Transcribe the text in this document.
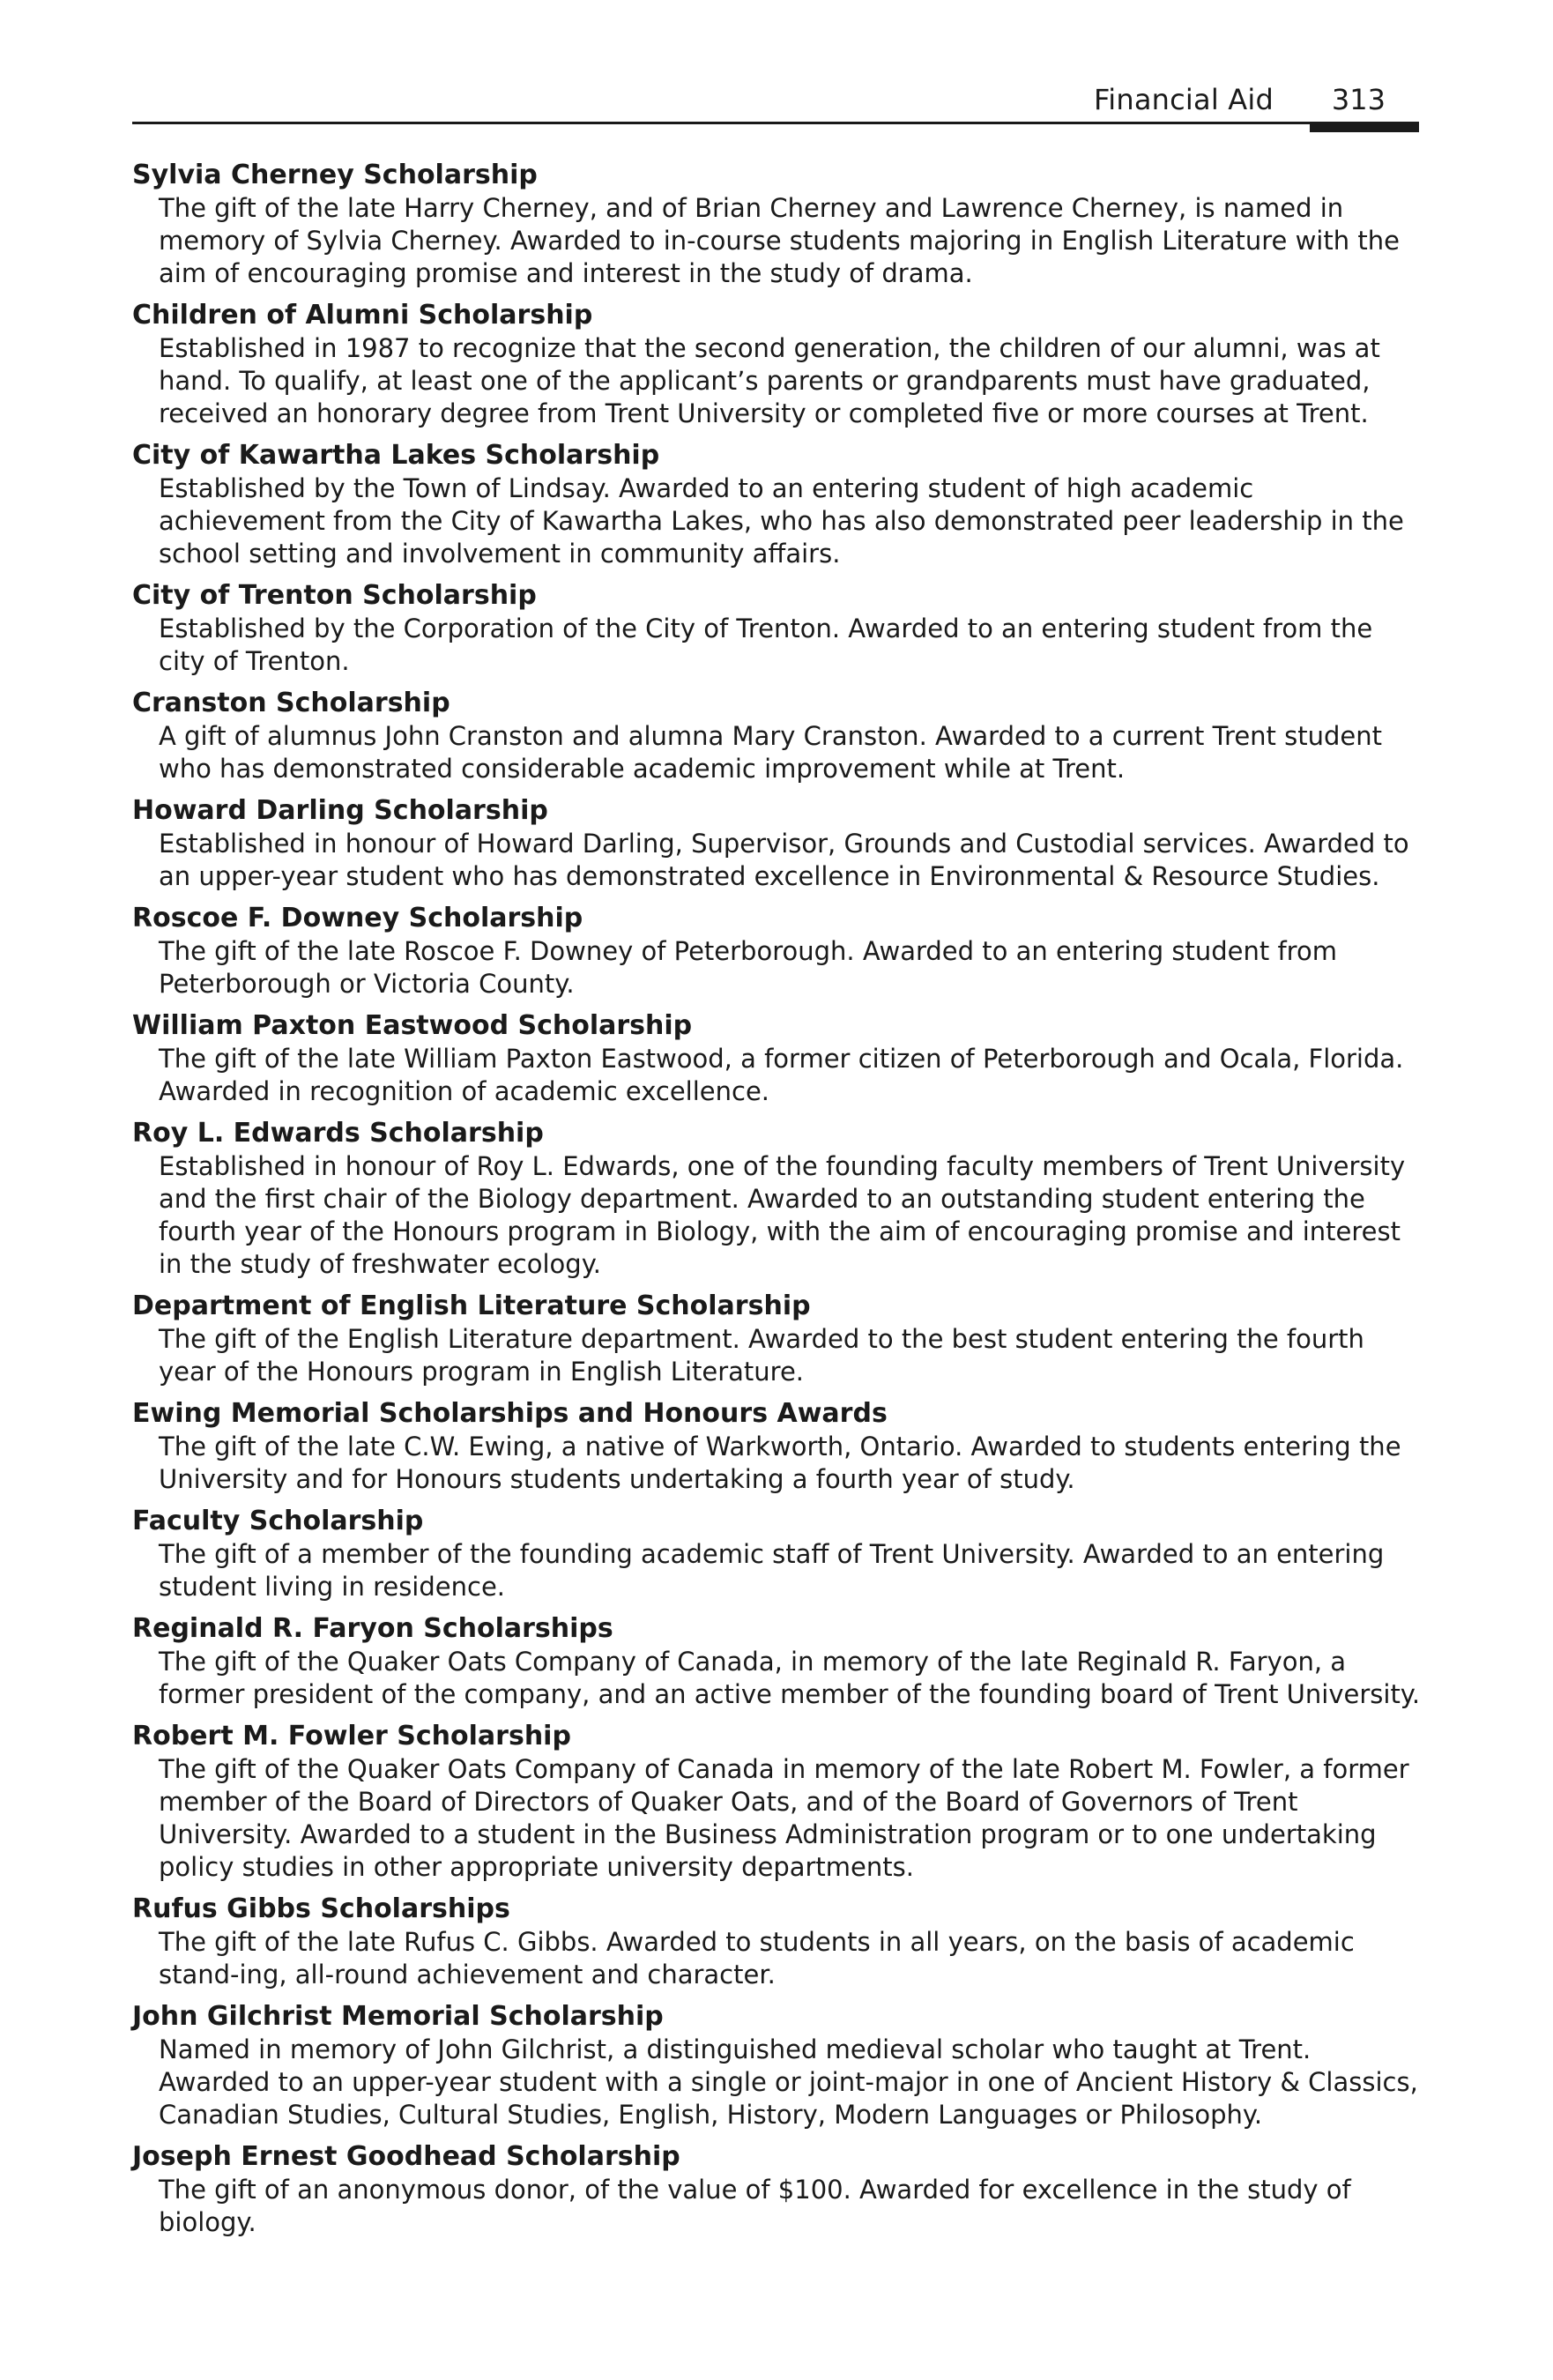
Financial Aid 313
Sylvia Cherney Scholarship
The gift of the late Harry Cherney, and of Brian Cherney and Lawrence Cherney, is named in memory of Sylvia Cherney. Awarded to in-course students majoring in English Literature with the aim of encouraging promise and interest in the study of drama.
Children of Alumni Scholarship
Established in 1987 to recognize that the second generation, the children of our alumni, was at hand. To qualify, at least one of the applicant’s parents or grandparents must have graduated, received an honorary degree from Trent University or completed five or more courses at Trent.
City of Kawartha Lakes Scholarship
Established by the Town of Lindsay. Awarded to an entering student of high academic achievement from the City of Kawartha Lakes, who has also demonstrated peer leadership in the school setting and involvement in community affairs.
City of Trenton Scholarship
Established by the Corporation of the City of Trenton. Awarded to an entering student from the city of Trenton.
Cranston Scholarship
A gift of alumnus John Cranston and alumna Mary Cranston. Awarded to a current Trent student who has demonstrated considerable academic improvement while at Trent.
Howard Darling Scholarship
Established in honour of Howard Darling, Supervisor, Grounds and Custodial services. Awarded to an upper-year student who has demonstrated excellence in Environmental & Resource Studies.
Roscoe F. Downey Scholarship
The gift of the late Roscoe F. Downey of Peterborough. Awarded to an entering student from Peterborough or Victoria County.
William Paxton Eastwood Scholarship
The gift of the late William Paxton Eastwood, a former citizen of Peterborough and Ocala, Florida. Awarded in recognition of academic excellence.
Roy L. Edwards Scholarship
Established in honour of Roy L. Edwards, one of the founding faculty members of Trent University and the first chair of the Biology department. Awarded to an outstanding student entering the fourth year of the Honours program in Biology, with the aim of encouraging promise and interest in the study of freshwater ecology.
Department of English Literature Scholarship
The gift of the English Literature department. Awarded to the best student entering the fourth year of the Honours program in English Literature.
Ewing Memorial Scholarships and Honours Awards
The gift of the late C.W. Ewing, a native of Warkworth, Ontario. Awarded to students entering the University and for Honours students undertaking a fourth year of study.
Faculty Scholarship
The gift of a member of the founding academic staff of Trent University. Awarded to an entering student living in residence.
Reginald R. Faryon Scholarships
The gift of the Quaker Oats Company of Canada, in memory of the late Reginald R. Faryon, a former president of the company, and an active member of the founding board of Trent University.
Robert M. Fowler Scholarship
The gift of the Quaker Oats Company of Canada in memory of the late Robert M. Fowler, a former member of the Board of Directors of Quaker Oats, and of the Board of Governors of Trent University. Awarded to a student in the Business Administration program or to one undertaking policy studies in other appropriate university departments.
Rufus Gibbs Scholarships
The gift of the late Rufus C. Gibbs. Awarded to students in all years, on the basis of academic stand-ing, all-round achievement and character.
John Gilchrist Memorial Scholarship
Named in memory of John Gilchrist, a distinguished medieval scholar who taught at Trent. Awarded to an upper-year student with a single or joint-major in one of Ancient History & Classics, Canadian Studies, Cultural Studies, English, History, Modern Languages or Philosophy.
Joseph Ernest Goodhead Scholarship
The gift of an anonymous donor, of the value of $100. Awarded for excellence in the study of biology.
